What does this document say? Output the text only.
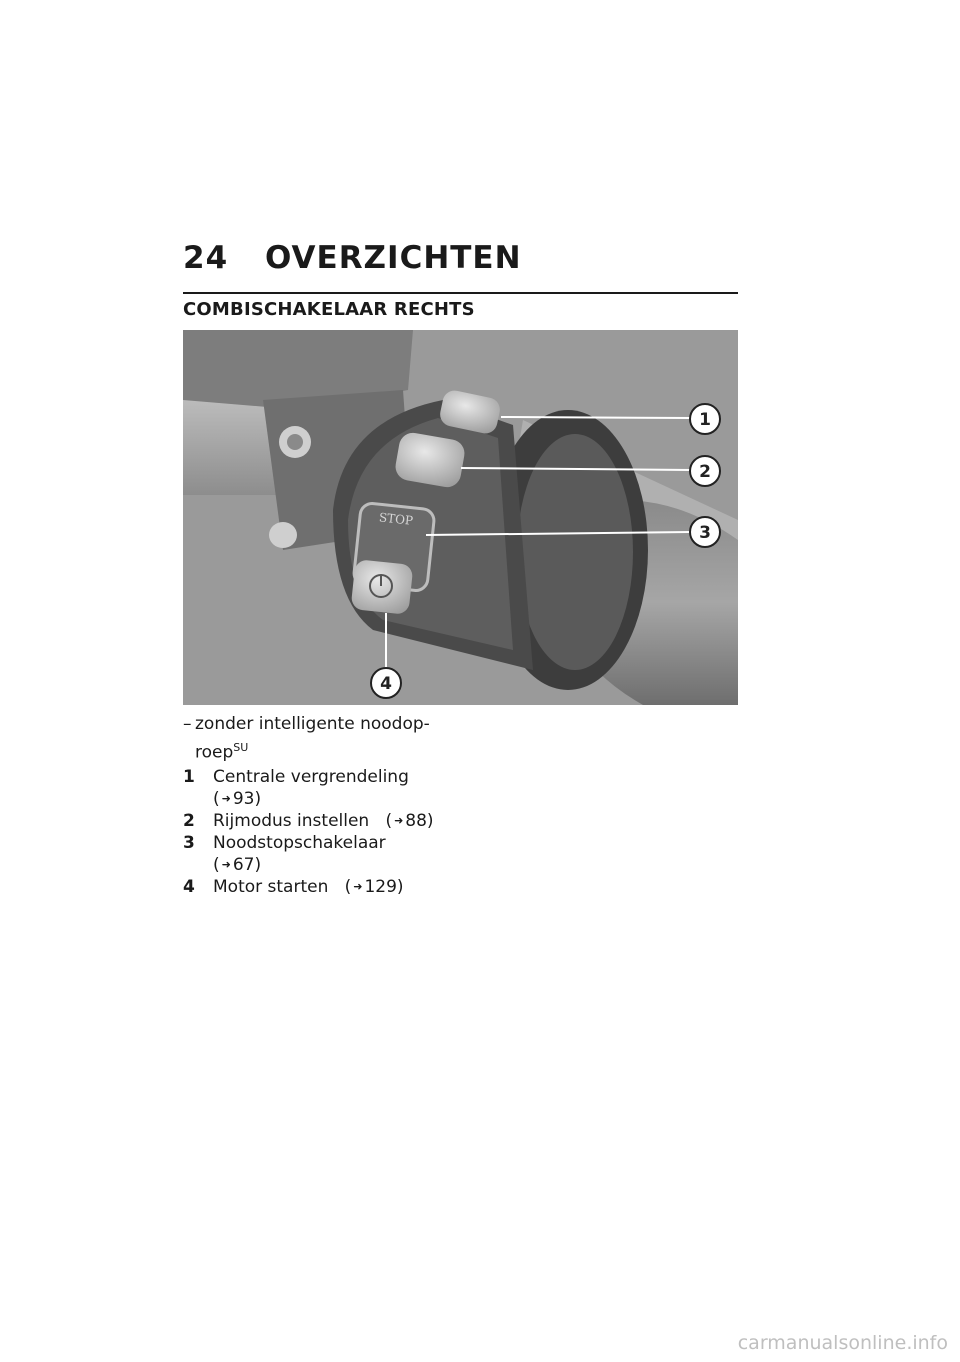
24	OVERZICHTEN
COMBISCHAKELAAR RECHTS
STOP
1
2
3
4
– zonder intelligente noodop-roep$^{SU}$
1	Centrale vergrendeling
( ➜ 93)
2	Rijmodus instellen ( ➜ 88)
3	Noodstopschakelaar
( ➜ 67)
4	Motor starten ( ➜ 129)
carmanualsonline.info
